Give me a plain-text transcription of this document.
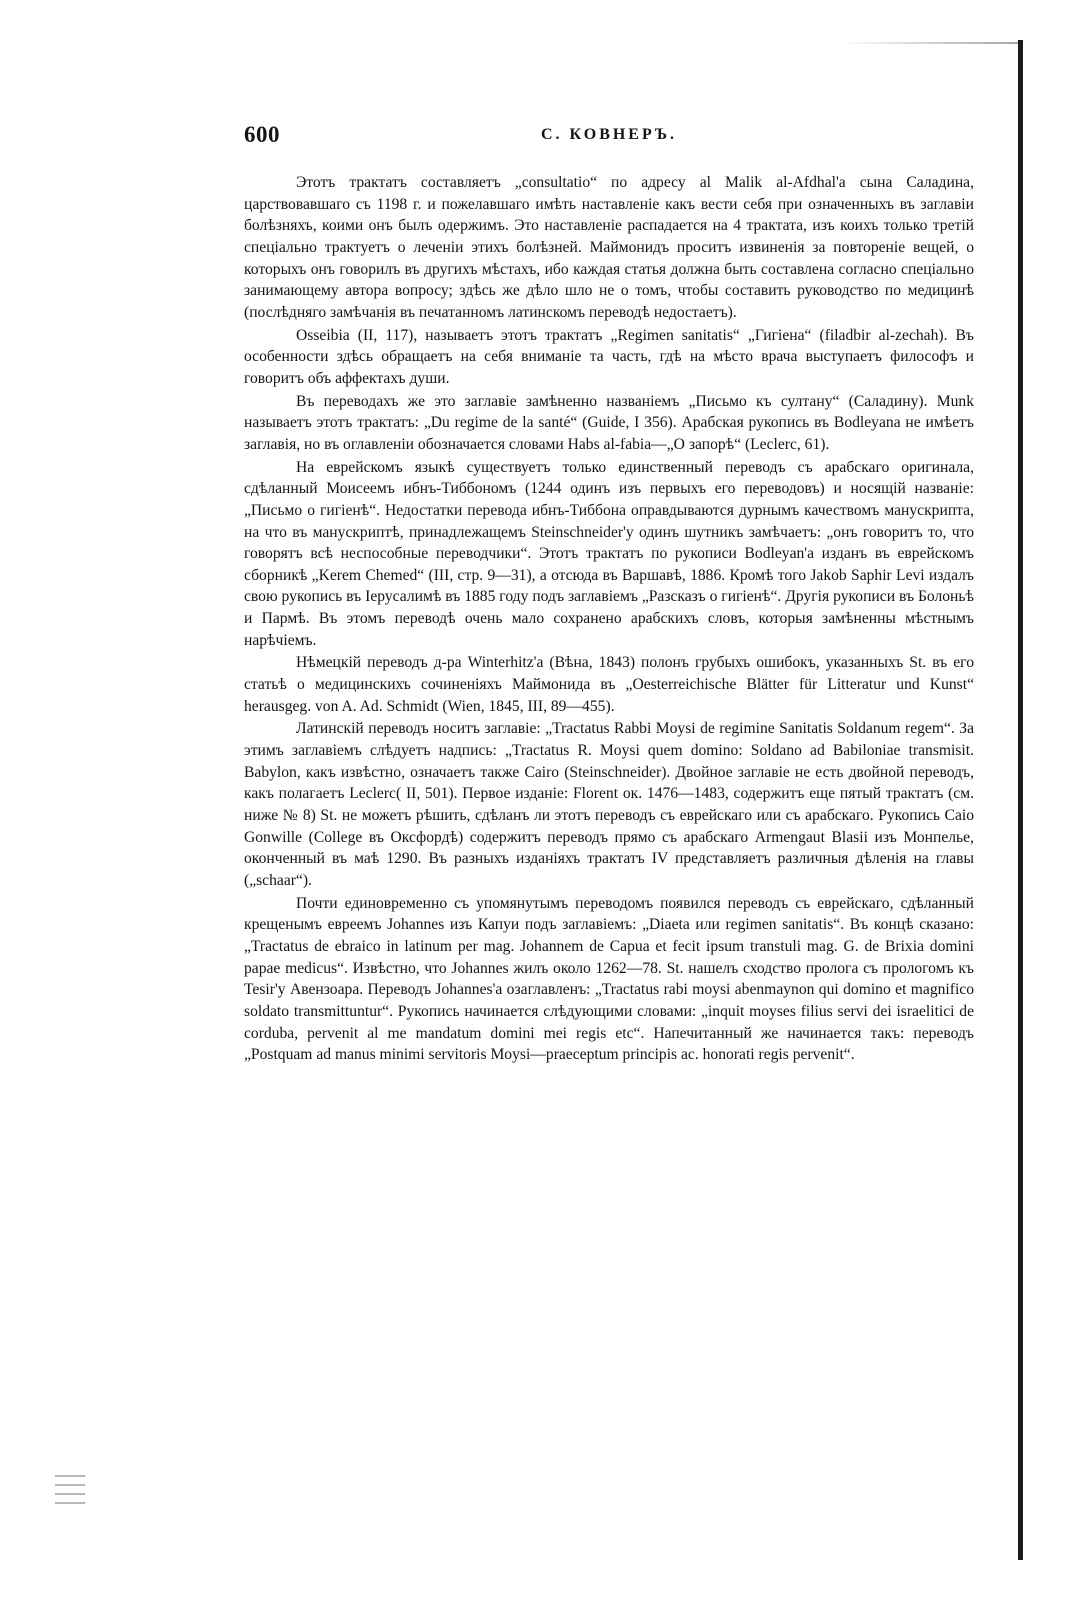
600	С. КОВНЕРЪ.

Этотъ трактатъ составляетъ „consultatio“ по адресу al Malik al-Afdhal'a сына Саладина, царствовавшаго съ 1198 г. и пожелавшаго имѣть наставленіе какъ вести себя при означенныхъ въ заглавіи болѣзняхъ, коими онъ былъ одержимъ. Это наставленіе распадается на 4 трактата, изъ коихъ только третій спеціально трактуетъ о леченіи этихъ болѣзней. Маймонидъ проситъ извиненія за повтореніе вещей, о которыхъ онъ говорилъ въ другихъ мѣстахъ, ибо каждая статья должна быть составлена согласно спеціально занимающему автора вопросу; здѣсь же дѣло шло не о томъ, чтобы составить руководство по медицинѣ (послѣдняго замѣчанія въ печатанномъ латинскомъ переводѣ недостаетъ).

Osseibia (II, 117), называетъ этотъ трактатъ „Regimen sanitatis“ „Гигіена“ (filadbir al-zechah). Въ особенности здѣсь обращаетъ на себя вниманіе та часть, гдѣ на мѣсто врача выступаетъ философъ и говоритъ объ аффектахъ души.

Въ переводахъ же это заглавіе замѣненно названіемъ „Письмо къ султану“ (Саладину). Munk называетъ этотъ трактатъ: „Du regime de la santé“ (Guide, I 356). Арабская рукопись въ Bodleyana не имѣетъ заглавія, но въ оглавленіи обозначается словами Habs al-fabia—„О запорѣ“ (Leclerc, 61).

На еврейскомъ языкѣ существуетъ только единственный переводъ съ арабскаго оригинала, сдѣланный Моисеемъ ибнъ-Тиббономъ (1244 одинъ изъ первыхъ его переводовъ) и носящій названіе: „Письмо о гигіенѣ“. Недостатки перевода ибнъ-Тиббона оправдываются дурнымъ качествомъ манускрипта, на что въ манускриптѣ, принадлежащемъ Steinschneider'у одинъ шутникъ замѣчаетъ: „онъ говоритъ то, что говорятъ всѣ неспособные переводчики“. Этотъ трактатъ по рукописи Bodleyan'a изданъ въ еврейскомъ сборникѣ „Kerem Chemed“ (III, стр. 9—31), а отсюда въ Варшавѣ, 1886. Кромѣ того Jakob Saphir Levi издалъ свою рукопись въ Іерусалимѣ въ 1885 году подъ заглавіемъ „Разсказъ о гигіенѣ“. Другія рукописи въ Болоньѣ и Пармѣ. Въ этомъ переводѣ очень мало сохранено арабскихъ словъ, которыя замѣненны мѣстнымъ нарѣчіемъ.

Нѣмецкій переводъ д-ра Winterhitz'a (Вѣна, 1843) полонъ грубыхъ ошибокъ, указанныхъ St. въ его статьѣ о медицинскихъ сочиненіяхъ Маймонида въ „Oesterreichische Blätter für Litteratur und Kunst“ herausgeg. von A. Ad. Schmidt (Wien, 1845, III, 89—455).

Латинскій переводъ носитъ заглавіе: „Tractatus Rabbi Moysi de regimine Sanitatis Soldanum regem“. За этимъ заглавіемъ слѣдуетъ надпись: „Tractatus R. Moysi quem domino: Soldano ad Babiloniae transmisit. Babylon, какъ извѣстно, означаетъ также Cairo (Steinschneider). Двойное заглавіе не есть двойной переводъ, какъ полагаетъ Leclerc( II, 501). Первое изданіе: Florent ок. 1476—1483, содержитъ еще пятый трактатъ (см. ниже № 8) St. не можетъ рѣшить, сдѣланъ ли этотъ переводъ съ еврейскаго или съ арабскаго. Рукопись Caio Gonwille (College въ Оксфордѣ) содержитъ переводъ прямо съ арабскаго Armengaut Blasii изъ Монпелье, оконченный въ маѣ 1290. Въ разныхъ изданіяхъ трактатъ IV представляетъ различныя дѣленія на главы („schaar“).

Почти единовременно съ упомянутымъ переводомъ появился переводъ съ еврейскаго, сдѣланный крещенымъ евреемъ Johannes изъ Капуи подъ заглавіемъ: „Diaeta или regimen sanitatis“. Въ концѣ сказано: „Tractatus de ebraico in latinum per mag. Johannem de Capua et fecit ipsum transtuli mag. G. de Brixia domini papae medicus“. Извѣстно, что Johannes жилъ около 1262—78. St. нашелъ сходство пролога съ прологомъ къ Tesir'у Авензоара. Переводъ Johannes'a озаглавленъ: „Tractatus rabi moysi abenmaynon qui domino et magnifico soldato transmittuntur“. Рукопись начинается слѣдующими словами: „inquit moyses filius servi dei israelitici de corduba, pervenit al me mandatum domini mei regis etc“. Напечитанный же начинается такъ: переводъ „Postquam ad manus minimi servitoris Moysi—praeceptum principis ac. honorati regis pervenit“.
